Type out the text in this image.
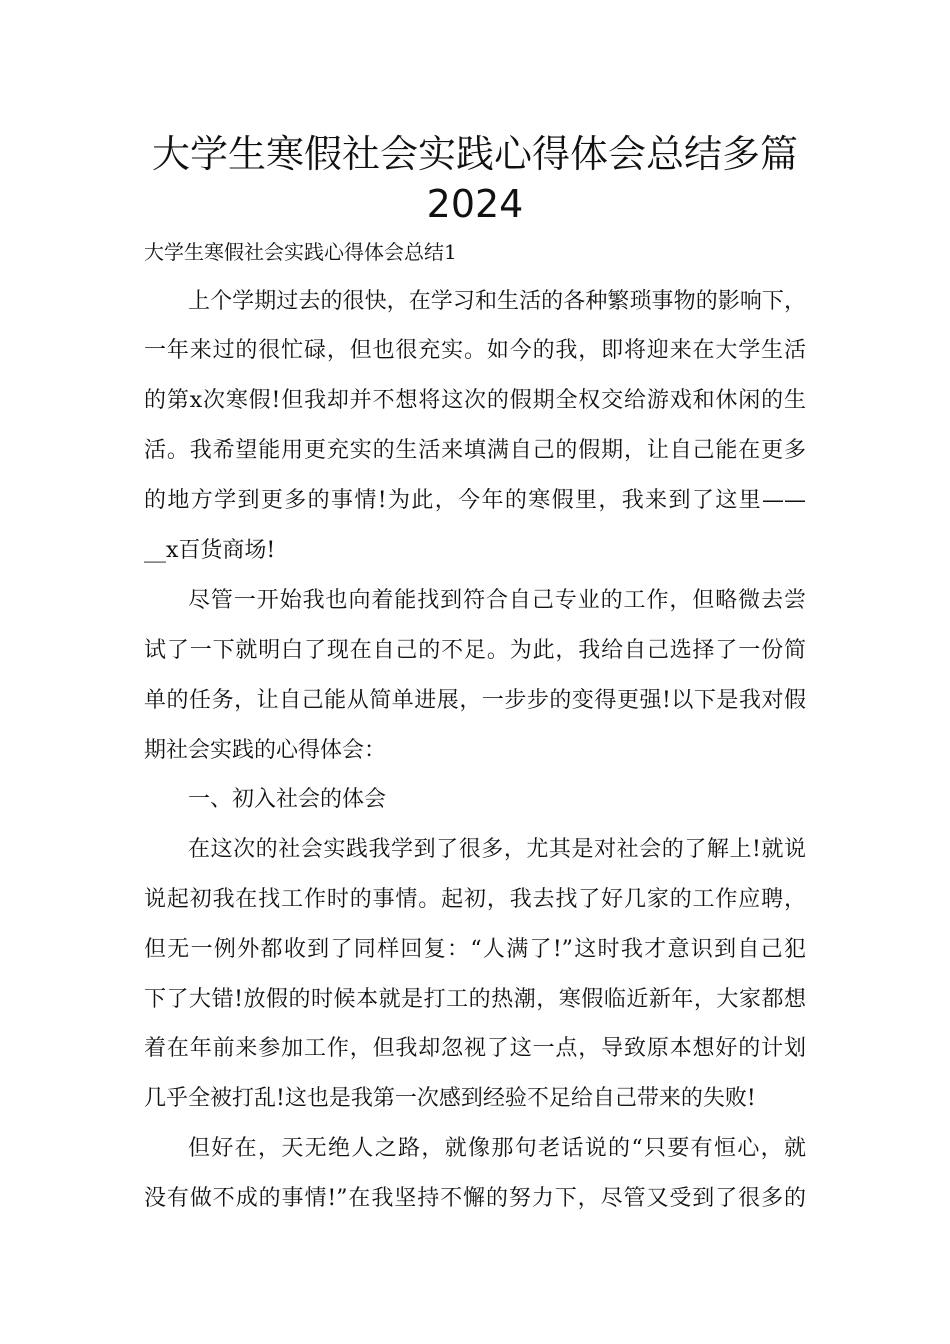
大学生寒假社会实践心得体会总结多篇
2024
大学生寒假社会实践心得体会总结1
上个学期过去的很快，在学习和生活的各种繁琐事物的影响下，
一年来过的很忙碌，但也很充实。如今的我，即将迎来在大学生活
的第x次寒假!但我却并不想将这次的假期全权交给游戏和休闲的生
活。我希望能用更充实的生活来填满自己的假期，让自己能在更多
的地方学到更多的事情!为此，今年的寒假里，我来到了这里——
__x百货商场!
尽管一开始我也向着能找到符合自己专业的工作，但略微去尝
试了一下就明白了现在自己的不足。为此，我给自己选择了一份简
单的任务，让自己能从简单进展，一步步的变得更强!以下是我对假
期社会实践的心得体会：
一、初入社会的体会
在这次的社会实践我学到了很多，尤其是对社会的了解上!就说
说起初我在找工作时的事情。起初，我去找了好几家的工作应聘，
但无一例外都收到了同样回复：“人满了!”这时我才意识到自己犯
下了大错!放假的时候本就是打工的热潮，寒假临近新年，大家都想
着在年前来参加工作，但我却忽视了这一点，导致原本想好的计划
几乎全被打乱!这也是我第一次感到经验不足给自己带来的失败!
但好在，天无绝人之路，就像那句老话说的“只要有恒心，就
没有做不成的事情!”在我坚持不懈的努力下，尽管又受到了很多的
